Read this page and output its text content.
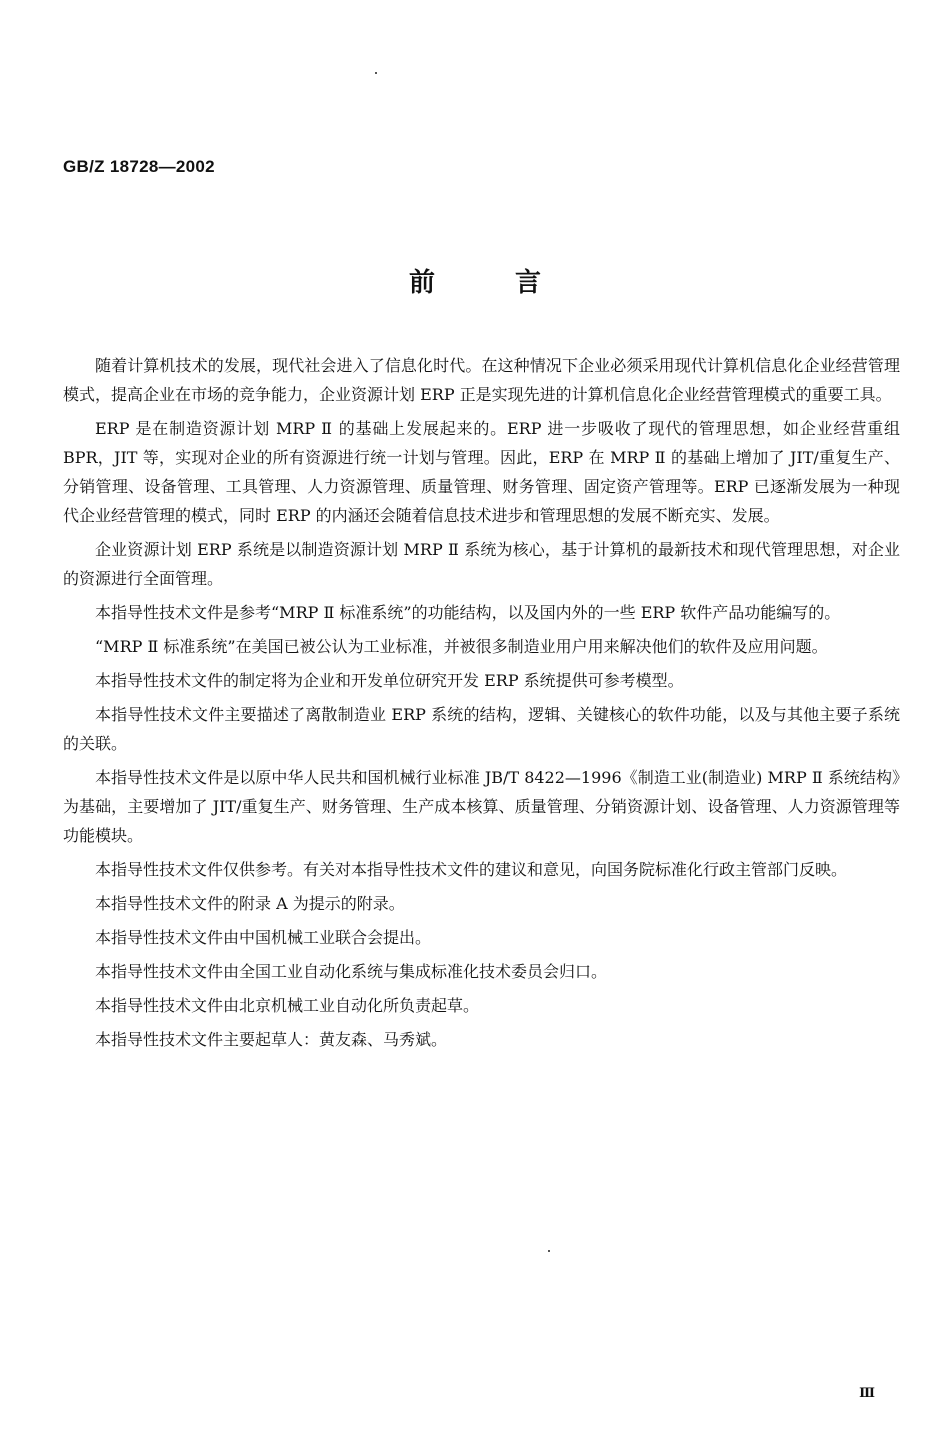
GB/Z 18728—2002

前言

随着计算机技术的发展，现代社会进入了信息化时代。在这种情况下企业必须采用现代计算机信息化企业经营管理模式，提高企业在市场的竞争能力，企业资源计划 ERP 正是实现先进的计算机信息化企业经营管理模式的重要工具。

ERP 是在制造资源计划 MRP Ⅱ 的基础上发展起来的。ERP 进一步吸收了现代的管理思想，如企业经营重组 BPR，JIT 等，实现对企业的所有资源进行统一计划与管理。因此，ERP 在 MRP Ⅱ 的基础上增加了 JIT/重复生产、分销管理、设备管理、工具管理、人力资源管理、质量管理、财务管理、固定资产管理等。ERP 已逐渐发展为一种现代企业经营管理的模式，同时 ERP 的内涵还会随着信息技术进步和管理思想的发展不断充实、发展。

企业资源计划 ERP 系统是以制造资源计划 MRP Ⅱ 系统为核心，基于计算机的最新技术和现代管理思想，对企业的资源进行全面管理。

本指导性技术文件是参考“MRP Ⅱ 标准系统”的功能结构，以及国内外的一些 ERP 软件产品功能编写的。

“MRP Ⅱ 标准系统”在美国已被公认为工业标准，并被很多制造业用户用来解决他们的软件及应用问题。

本指导性技术文件的制定将为企业和开发单位研究开发 ERP 系统提供可参考模型。

本指导性技术文件主要描述了离散制造业 ERP 系统的结构，逻辑、关键核心的软件功能，以及与其他主要子系统的关联。

本指导性技术文件是以原中华人民共和国机械行业标准 JB/T 8422—1996《制造工业(制造业) MRP Ⅱ 系统结构》为基础，主要增加了 JIT/重复生产、财务管理、生产成本核算、质量管理、分销资源计划、设备管理、人力资源管理等功能模块。

本指导性技术文件仅供参考。有关对本指导性技术文件的建议和意见，向国务院标准化行政主管部门反映。

本指导性技术文件的附录 A 为提示的附录。

本指导性技术文件由中国机械工业联合会提出。

本指导性技术文件由全国工业自动化系统与集成标准化技术委员会归口。

本指导性技术文件由北京机械工业自动化所负责起草。

本指导性技术文件主要起草人：黄友森、马秀斌。

Ⅲ
